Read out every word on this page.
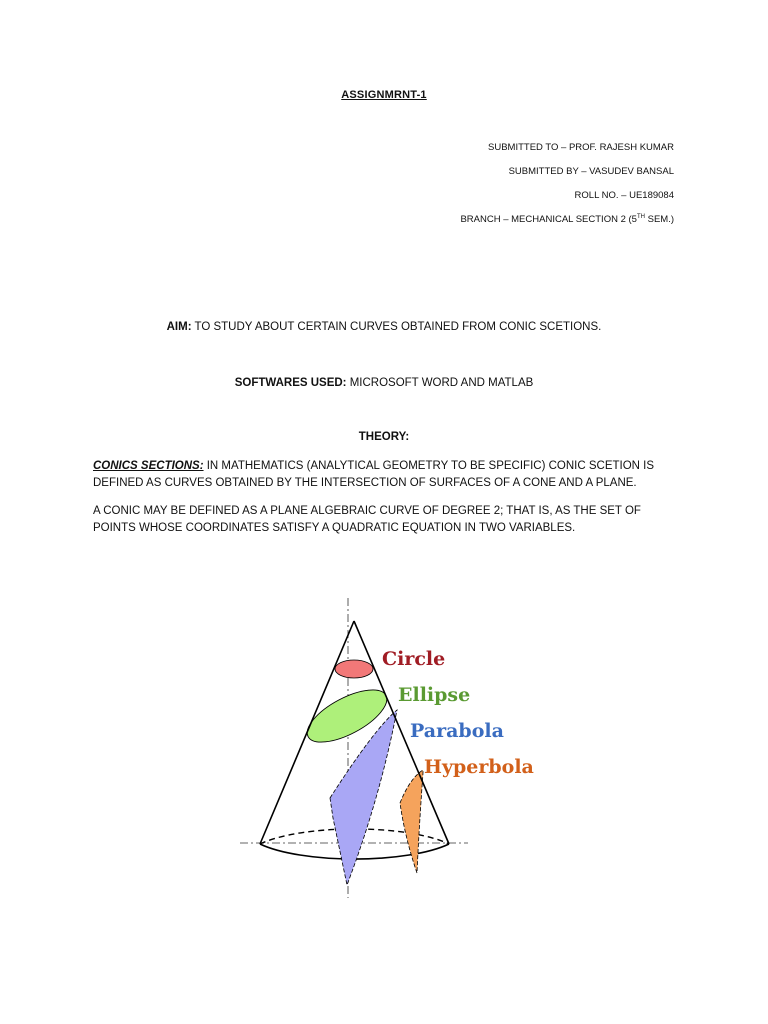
ASSIGNMRNT-1
SUBMITTED TO – PROF. RAJESH KUMAR
SUBMITTED BY – VASUDEV BANSAL
ROLL NO. – UE189084
BRANCH – MECHANICAL SECTION 2 (5TH SEM.)
AIM: TO STUDY ABOUT CERTAIN CURVES OBTAINED FROM CONIC SCETIONS.
SOFTWARES USED: MICROSOFT WORD AND MATLAB
THEORY:
CONICS SECTIONS: IN MATHEMATICS (ANALYTICAL GEOMETRY TO BE SPECIFIC) CONIC SCETION IS DEFINED AS CURVES OBTAINED BY THE INTERSECTION OF SURFACES OF A CONE AND A PLANE.
A CONIC MAY BE DEFINED AS A PLANE ALGEBRAIC CURVE OF DEGREE 2; THAT IS, AS THE SET OF POINTS WHOSE COORDINATES SATISFY A QUADRATIC EQUATION IN TWO VARIABLES.
Circle
Ellipse
Parabola
Hyperbola
